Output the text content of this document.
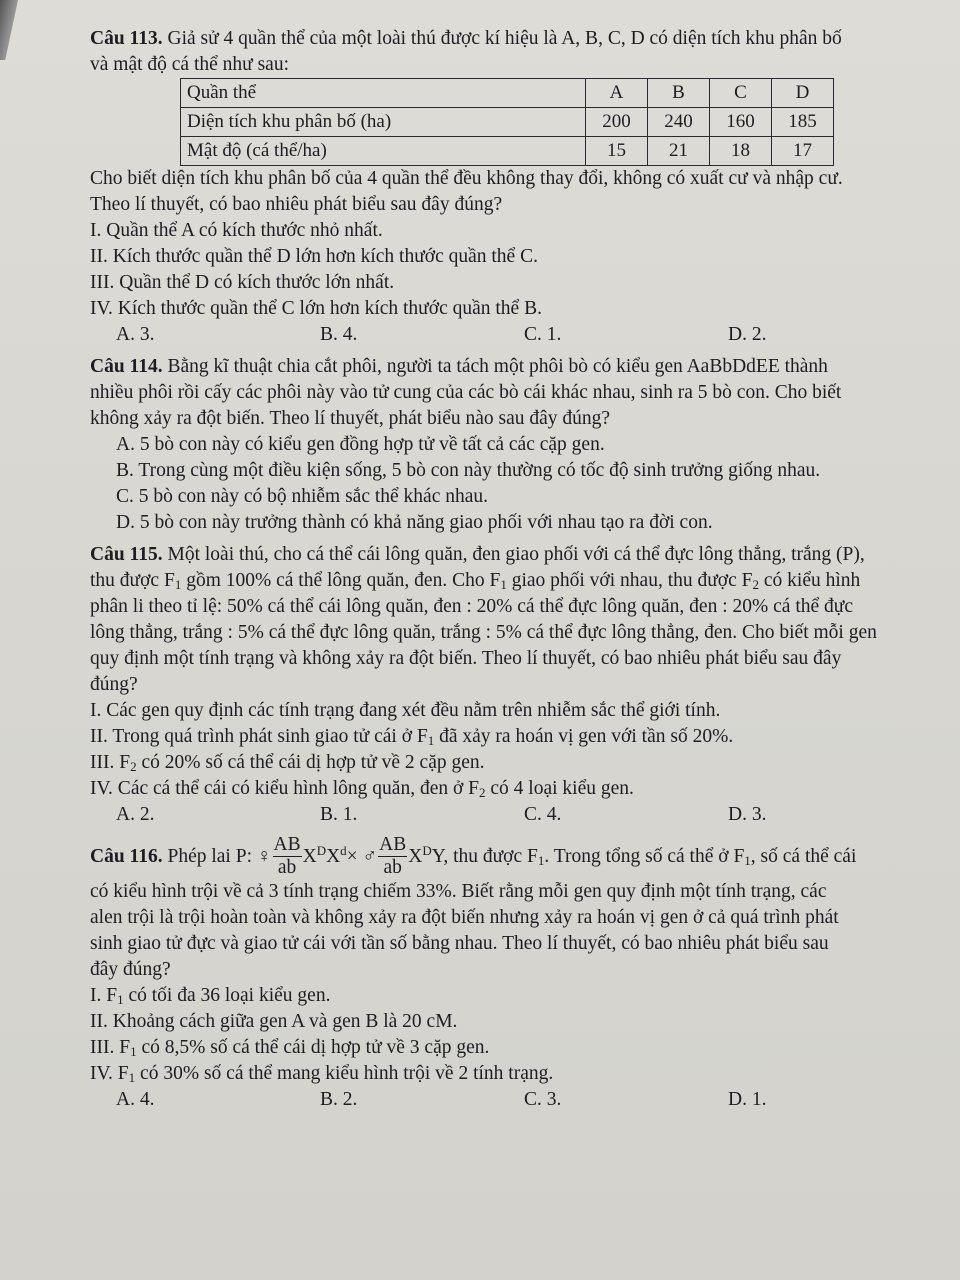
Câu 113. Giả sử 4 quần thể của một loài thú được kí hiệu là A, B, C, D có diện tích khu phân bố

và mật độ cá thể như sau:

Quần thể	A	B	C	D
Diện tích khu phân bố (ha)	200	240	160	185
Mật độ (cá thể/ha)	15	21	18	17

Cho biết diện tích khu phân bố của 4 quần thể đều không thay đổi, không có xuất cư và nhập cư.

Theo lí thuyết, có bao nhiêu phát biểu sau đây đúng?

I. Quần thể A có kích thước nhỏ nhất.

II. Kích thước quần thể D lớn hơn kích thước quần thể C.

III. Quần thể D có kích thước lớn nhất.

IV. Kích thước quần thể C lớn hơn kích thước quần thể B.

A. 3.	B. 4.	C. 1.	D. 2.

Câu 114. Bằng kĩ thuật chia cắt phôi, người ta tách một phôi bò có kiểu gen AaBbDdEE thành

nhiều phôi rồi cấy các phôi này vào tử cung của các bò cái khác nhau, sinh ra 5 bò con. Cho biết

không xảy ra đột biến. Theo lí thuyết, phát biểu nào sau đây đúng?

A. 5 bò con này có kiểu gen đồng hợp tử về tất cả các cặp gen.

B. Trong cùng một điều kiện sống, 5 bò con này thường có tốc độ sinh trưởng giống nhau.

C. 5 bò con này có bộ nhiễm sắc thể khác nhau.

D. 5 bò con này trưởng thành có khả năng giao phối với nhau tạo ra đời con.

Câu 115. Một loài thú, cho cá thể cái lông quăn, đen giao phối với cá thể đực lông thẳng, trắng (P),

thu được $F_1$ gồm 100% cá thể lông quăn, đen. Cho $F_1$ giao phối với nhau, thu được $F_2$ có kiểu hình

phân li theo tỉ lệ: 50% cá thể cái lông quăn, đen : 20% cá thể đực lông quăn, đen : 20% cá thể đực

lông thẳng, trắng : 5% cá thể đực lông quăn, trắng : 5% cá thể đực lông thẳng, đen. Cho biết mỗi gen

quy định một tính trạng và không xảy ra đột biến. Theo lí thuyết, có bao nhiêu phát biểu sau đây

đúng?

I. Các gen quy định các tính trạng đang xét đều nằm trên nhiễm sắc thể giới tính.

II. Trong quá trình phát sinh giao tử cái ở $F_1$ đã xảy ra hoán vị gen với tần số 20%.

III. $F_2$ có 20% số cá thể cái dị hợp tử về 2 cặp gen.

IV. Các cá thể cái có kiểu hình lông quăn, đen ở $F_2$ có 4 loại kiểu gen.

A. 2.	B. 1.	C. 4.	D. 3.
Câu 116.
Phép lai P: ♀ $\frac{AB}{ab} X^DX^d$ × ♂ $\frac{AB}{ab} X^DY$, thu được $F_1$. Trong tổng số cá thể ở $F_1$, số cá thể cái

có kiểu hình trội về cả 3 tính trạng chiếm 33%. Biết rằng mỗi gen quy định một tính trạng, các

alen trội là trội hoàn toàn và không xảy ra đột biến nhưng xảy ra hoán vị gen ở cả quá trình phát

sinh giao tử đực và giao tử cái với tần số bằng nhau. Theo lí thuyết, có bao nhiêu phát biểu sau

đây đúng?

I. $F_1$ có tối đa 36 loại kiểu gen.

II. Khoảng cách giữa gen A và gen B là 20 cM.

III. $F_1$ có 8,5% số cá thể cái dị hợp tử về 3 cặp gen.

IV. $F_1$ có 30% số cá thể mang kiểu hình trội về 2 tính trạng.

A. 4.	B. 2.	C. 3.	D. 1.
